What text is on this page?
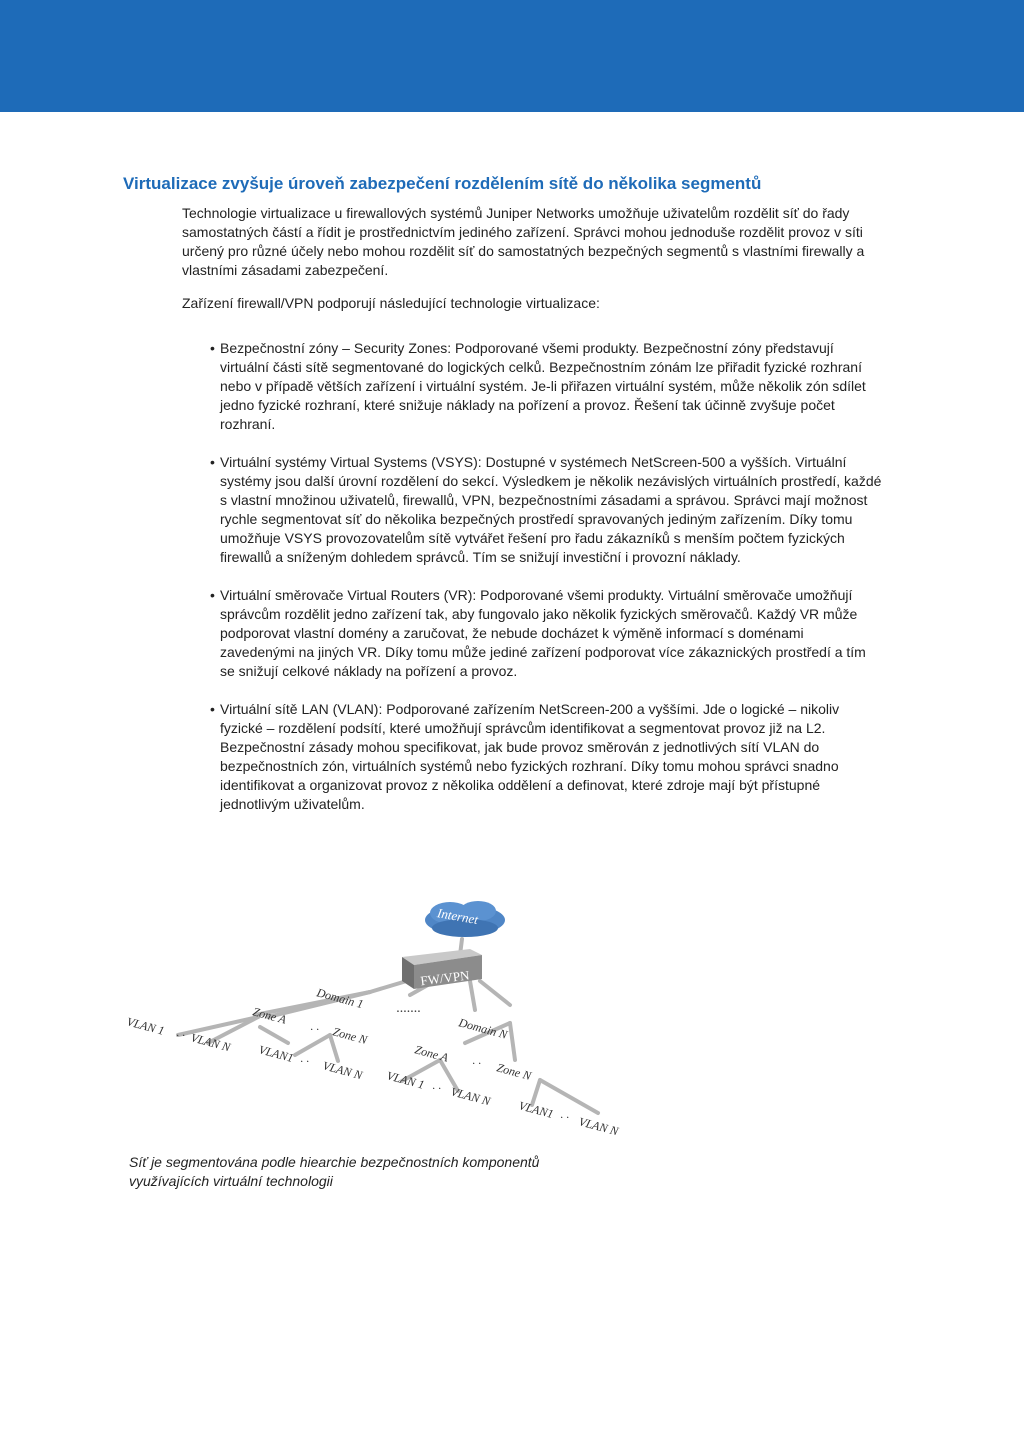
Virtualizace zvyšuje úroveň zabezpečení rozdělením sítě do několika segmentů

Technologie virtualizace u firewallových systémů Juniper Networks umožňuje uživatelům rozdělit síť do řady samostatných částí a řídit je prostřednictvím jediného zařízení. Správci mohou jednoduše rozdělit provoz v síti určený pro různé účely nebo mohou rozdělit síť do samostatných bezpečných segmentů s vlastními firewally a vlastními zásadami zabezpečení.

Zařízení firewall/VPN podporují následující technologie virtualizace:

• Bezpečnostní zóny – Security Zones: Podporované všemi produkty. Bezpečnostní zóny představují virtuální části sítě segmentované do logických celků. Bezpečnostním zónám lze přiřadit fyzické rozhraní nebo v případě větších zařízení i virtuální systém. Je-li přiřazen virtuální systém, může několik zón sdílet jedno fyzické rozhraní, které snižuje náklady na pořízení a provoz. Řešení tak účinně zvyšuje počet rozhraní.
• Virtuální systémy Virtual Systems (VSYS): Dostupné v systémech NetScreen-500 a vyšších. Virtuální systémy jsou další úrovní rozdělení do sekcí. Výsledkem je několik nezávislých virtuálních prostředí, každé s vlastní množinou uživatelů, firewallů, VPN, bezpečnostními zásadami a správou. Správci mají možnost rychle segmentovat síť do několika bezpečných prostředí spravovaných jediným zařízením. Díky tomu umožňuje VSYS provozovatelům sítě vytvářet řešení pro řadu zákazníků s menším počtem fyzických firewallů a sníženým dohledem správců. Tím se snižují investiční i provozní náklady.
• Virtuální směrovače Virtual Routers (VR): Podporované všemi produkty. Virtuální směrovače umožňují správcům rozdělit jedno zařízení tak, aby fungovalo jako několik fyzických směrovačů. Každý VR může podporovat vlastní domény a zaručovat, že nebude docházet k výměně informací s doménami zavedenými na jiných VR. Díky tomu může jediné zařízení podporovat více zákaznických prostředí a tím se snižují celkové náklady na pořízení a provoz.
• Virtuální sítě LAN (VLAN): Podporované zařízením NetScreen-200 a vyššími. Jde o logické – nikoliv fyzické – rozdělení podsítí, které umožňují správcům identifikovat a segmentovat provoz již na L2. Bezpečnostní zásady mohou specifikovat, jak bude provoz směrován z jednotlivých sítí VLAN do bezpečnostních zón, virtuálních systémů nebo fyzických rozhraní. Díky tomu mohou správci snadno identifikovat a organizovat provoz z několika oddělení a definovat, které zdroje mají být přístupné jednotlivým uživatelům.
Internet
FW/VPN
Domain 1
·······
Domain N
Zone A
· · Zone N
Zone A · · Zone N
VLAN 1 · · VLAN N VLAN1 · · VLAN N VLAN 1 · · VLAN N
VLAN1 · · VLAN N
Síť je segmentována podle hiearchie bezpečnostních komponentů
využívajících virtuální technologii
